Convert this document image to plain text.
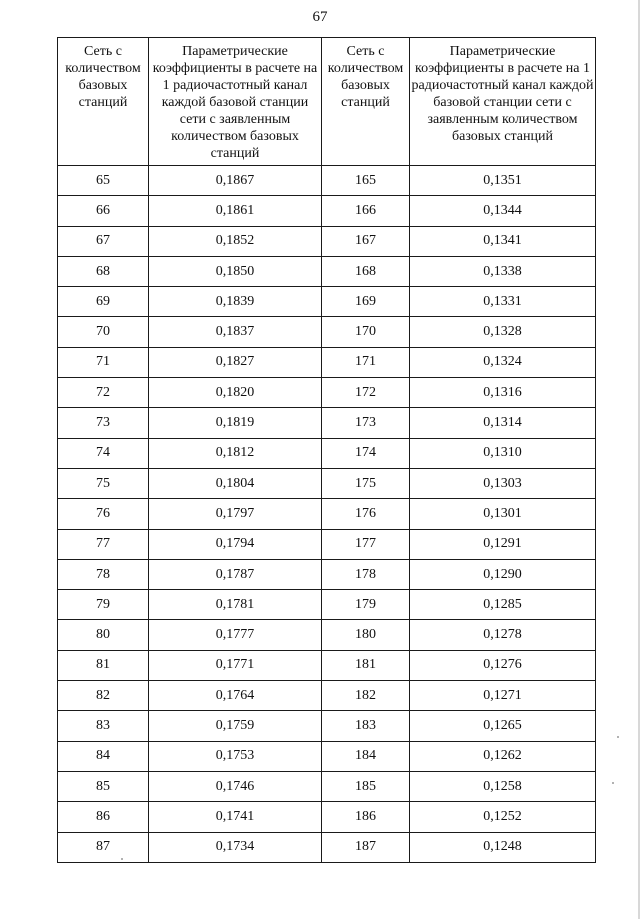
67
Сеть с количеством базовых станций	Параметрические коэффициенты в расчете на 1 радиочастотный канал каждой базовой станции сети с заявленным количеством базовых станций	Сеть с количеством базовых станций	Параметрические коэффициенты в расчете на 1 радиочастотный канал каждой базовой станции сети с заявленным количеством базовых станций
65	0,1867	165	0,1351
66	0,1861	166	0,1344
67	0,1852	167	0,1341
68	0,1850	168	0,1338
69	0,1839	169	0,1331
70	0,1837	170	0,1328
71	0,1827	171	0,1324
72	0,1820	172	0,1316
73	0,1819	173	0,1314
74	0,1812	174	0,1310
75	0,1804	175	0,1303
76	0,1797	176	0,1301
77	0,1794	177	0,1291
78	0,1787	178	0,1290
79	0,1781	179	0,1285
80	0,1777	180	0,1278
81	0,1771	181	0,1276
82	0,1764	182	0,1271
83	0,1759	183	0,1265
84	0,1753	184	0,1262
85	0,1746	185	0,1258
86	0,1741	186	0,1252
87	0,1734	187	0,1248
